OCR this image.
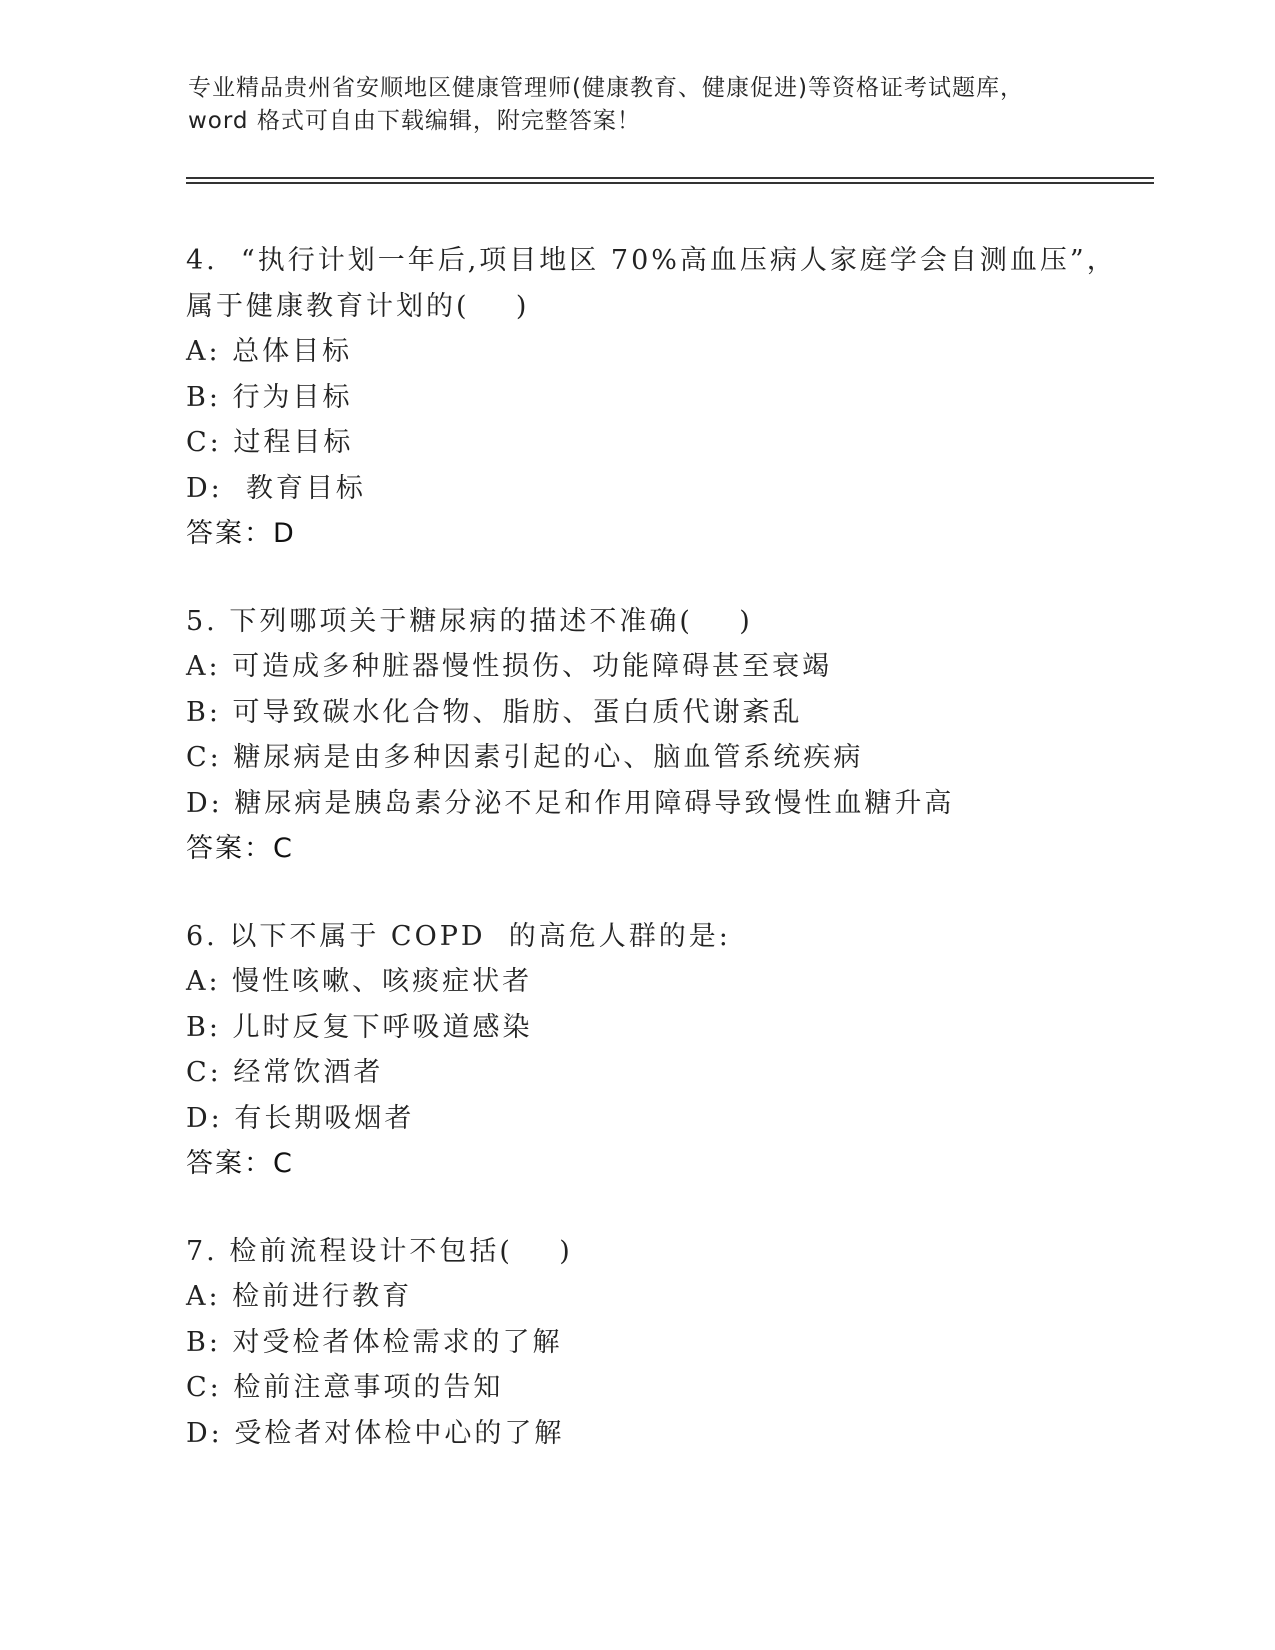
专业精品贵州省安顺地区健康管理师(健康教育、健康促进)等资格证考试题库，
word 格式可自由下载编辑，附完整答案！
4.  “执行计划一年后,项目地区 70%高血压病人家庭学会自测血压”，
属于健康教育计划的(    )
A: 总体目标
B: 行为目标
C: 过程目标
D:  教育目标
答案：D
5. 下列哪项关于糖尿病的描述不准确(    )
A: 可造成多种脏器慢性损伤、功能障碍甚至衰竭
B: 可导致碳水化合物、脂肪、蛋白质代谢紊乱
C: 糖尿病是由多种因素引起的心、脑血管系统疾病
D: 糖尿病是胰岛素分泌不足和作用障碍导致慢性血糖升高
答案：C
6. 以下不属于 COPD  的高危人群的是:
A: 慢性咳嗽、咳痰症状者
B: 儿时反复下呼吸道感染
C: 经常饮酒者
D: 有长期吸烟者
答案：C
7. 检前流程设计不包括(    )
A: 检前进行教育
B: 对受检者体检需求的了解
C: 检前注意事项的告知
D: 受检者对体检中心的了解
